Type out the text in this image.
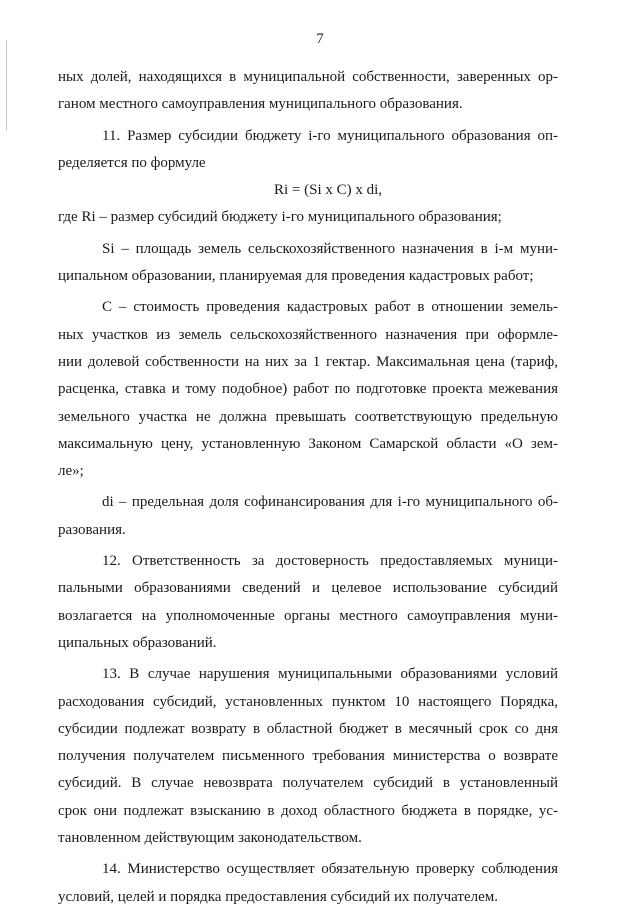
7
ных долей, находящихся в муниципальной собственности, заверенных ор-
ганом местного самоуправления муниципального образования.
11. Размер субсидии бюджету i-го муниципального образования оп-
ределяется по формуле
Ri = (Si x C) x di,
где Ri – размер субсидий бюджету i-го муниципального образования;
Si – площадь земель сельскохозяйственного назначения в i-м муни-
ципальном образовании, планируемая для проведения кадастровых работ;
С – стоимость проведения кадастровых работ в отношении земель-
ных участков из земель сельскохозяйственного назначения при оформле-
нии долевой собственности на них за 1 гектар. Максимальная цена (тариф,
расценка, ставка и тому подобное) работ по подготовке проекта межевания
земельного участка не должна превышать соответствующую предельную
максимальную цену, установленную Законом Самарской области «О зем-
ле»;
di – предельная доля софинансирования для i-го муниципального об-
разования.
12. Ответственность за достоверность предоставляемых муници-
пальными образованиями сведений и целевое использование субсидий
возлагается на уполномоченные органы местного самоуправления муни-
ципальных образований.
13. В случае нарушения муниципальными образованиями условий
расходования субсидий, установленных пунктом 10 настоящего Порядка,
субсидии подлежат возврату в областной бюджет в месячный срок со дня
получения получателем письменного требования министерства о возврате
субсидий. В случае невозврата получателем субсидий в установленный
срок они подлежат взысканию в доход областного бюджета в порядке, ус-
тановленном действующим законодательством.
14. Министерство осуществляет обязательную проверку соблюдения
условий, целей и порядка предоставления субсидий их получателем.
